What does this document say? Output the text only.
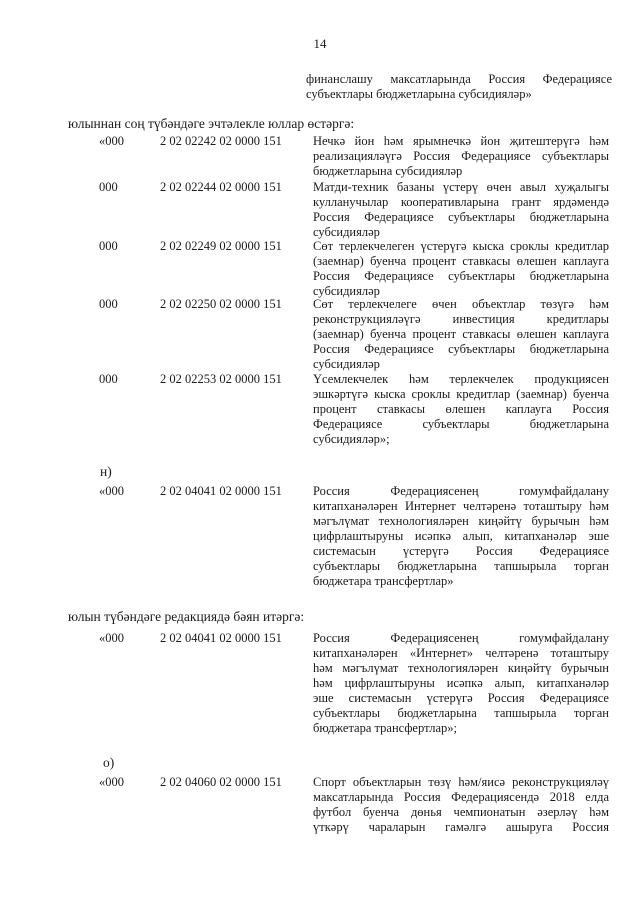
14
финанслашу максатларында Россия Федерациясе
субъектлары бюджетларына субсидияләр»
юлыннан соң түбәндәге эчтәлекле юллар өстәргә:
«000	2 02 02242 02 0000 151	Нечкә йон һәм ярымнечкә йон җитештерүгә һәм
реализацияләүгә Россия Федерациясе субъектлары
бюджетларына субсидияләр
000	2 02 02244 02 0000 151	Матди-техник базаны үстерү өчен авыл хуҗалыгы
кулланучылар кооперативларына грант ярдәмендә
Россия Федерациясе субъектлары бюджетларына
субсидияләр
000	2 02 02249 02 0000 151	Сөт терлекчелеген үстерүгә кыска сроклы кредитлар
(заемнар) буенча процент ставкасы өлешен каплауга
Россия Федерациясе субъектлары бюджетларына
субсидияләр
000	2 02 02250 02 0000 151	Сөт терлекчелеге өчен объектлар төзүгә һәм
реконструкцияләүгә инвестиция кредитлары
(заемнар) буенча процент ставкасы өлешен каплауга
Россия Федерациясе субъектлары бюджетларына
субсидияләр
000	2 02 02253 02 0000 151	Үсемлекчелек һәм терлекчелек продукциясен
эшкәртүгә кыска сроклы кредитлар (заемнар) буенча
процент ставкасы өлешен каплауга Россия
Федерациясе субъектлары бюджетларына
субсидияләр»;
н)
«000	2 02 04041 02 0000 151	Россия Федерациясенең гомумфайдалану
китапханәләрен Интернет челтәренә тоташтыру һәм
мәгълүмат технологияләрен киңәйтү бурычын һәм
цифрлаштыруны исәпкә алып, китапханәләр эше
системасын үстерүгә Россия Федерациясе
субъектлары бюджетларына тапшырыла торган
бюджетара трансфертлар»
юлын түбәндәге редакциядә бәян итәргә:
«000	2 02 04041 02 0000 151	Россия Федерациясенең гомумфайдалану
китапханәләрен «Интернет» челтәренә тоташтыру
һәм мәгълүмат технологияләрен киңәйтү бурычын
һәм цифрлаштыруны исәпкә алып, китапханәләр
эше системасын үстерүгә Россия Федерациясе
субъектлары бюджетларына тапшырыла торган
бюджетара трансфертлар»;
о)
«000	2 02 04060 02 0000 151	Спорт объектларын төзү һәм/яисә реконструкцияләү
максатларында Россия Федерациясендә 2018 елда
футбол буенча дөнья чемпионатын әзерләү һәм
үткәрү чараларын гамәлгә ашыруга Россия
